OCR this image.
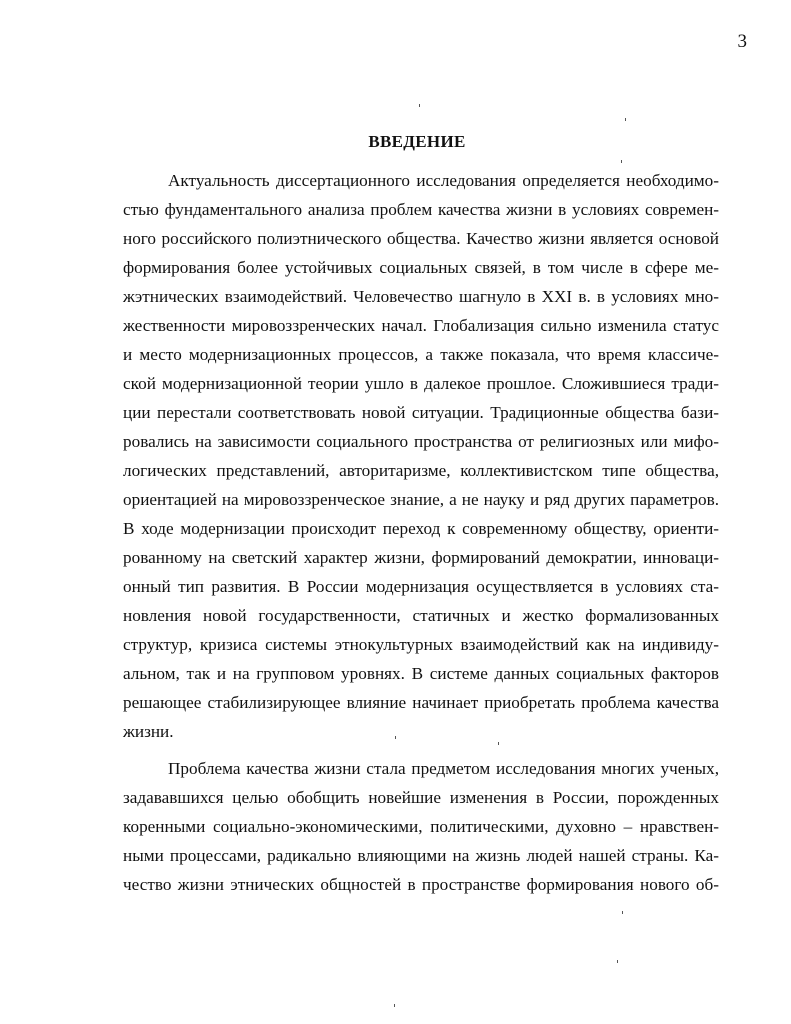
3
ВВЕДЕНИЕ
Актуальность диссертационного исследования определяется необходимо-
стью фундаментального анализа проблем качества жизни в условиях современ-
ного российского полиэтнического общества. Качество жизни является основой
формирования более устойчивых социальных связей, в том числе в сфере ме-
жэтнических взаимодействий. Человечество шагнуло в XXI в. в условиях мно-
жественности мировоззренческих начал. Глобализация сильно изменила статус
и место модернизационных процессов, а также показала, что время классиче-
ской модернизационной теории ушло в далекое прошлое. Сложившиеся тради-
ции перестали соответствовать новой ситуации. Традиционные общества бази-
ровались на зависимости социального пространства от религиозных или мифо-
логических представлений, авторитаризме, коллективистском типе общества,
ориентацией на мировоззренческое знание, а не науку и ряд других параметров.
В ходе модернизации происходит переход к современному обществу, ориенти-
рованному на светский характер жизни, формирований демократии, инноваци-
онный тип развития. В России модернизация осуществляется в условиях ста-
новления новой государственности, статичных и жестко формализованных
структур, кризиса системы этнокультурных взаимодействий как на индивиду-
альном, так и на групповом уровнях. В системе данных социальных факторов
решающее стабилизирующее влияние начинает приобретать проблема качества
жизни.
Проблема качества жизни стала предметом исследования многих ученых,
задававшихся целью обобщить новейшие изменения в России, порожденных
коренными социально-экономическими, политическими, духовно – нравствен-
ными процессами, радикально влияющими на жизнь людей нашей страны. Ка-
чество жизни этнических общностей в пространстве формирования нового об-
